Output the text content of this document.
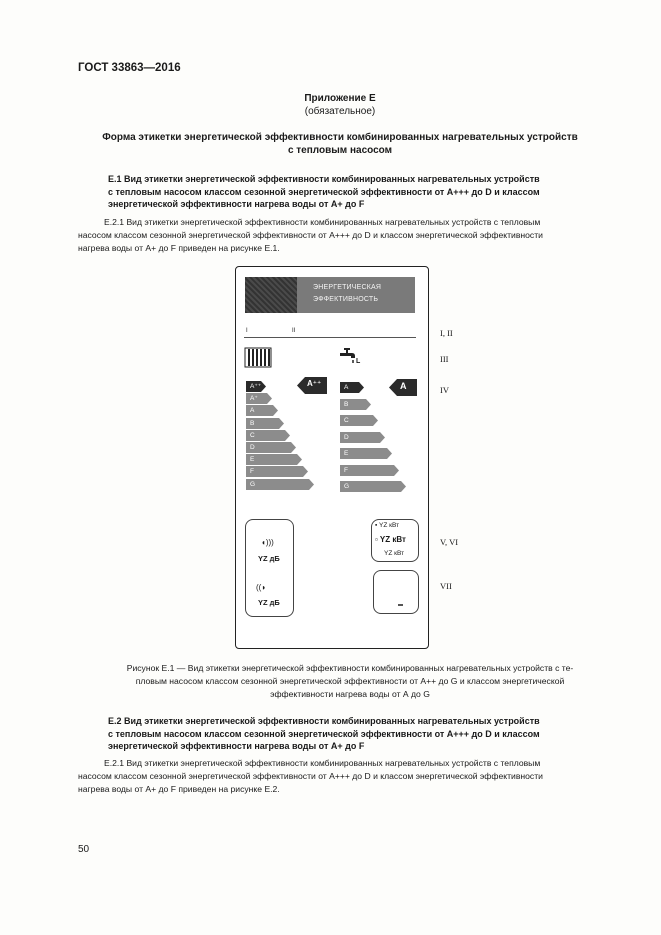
ГОСТ 33863—2016
Приложение Е
(обязательное)
Форма этикетки энергетической эффективности комбинированных нагревательных устройств
с тепловым насосом
Е.1 Вид этикетки энергетической эффективности комбинированных нагревательных устройств
с тепловым насосом классом сезонной энергетической эффективности от А+++ до D и классом
энергетической эффективности нагрева воды от А+ до F
Е.2.1 Вид этикетки энергетической эффективности комбинированных нагревательных устройств с тепловым
насосом классом сезонной энергетической эффективности от А+++ до D и классом энергетической эффективности
нагрева воды от А+ до F приведен на рисунке Е.1.
ЭНЕРГЕТИЧЕСКАЯ
ЭФФЕКТИВНОСТЬ
I	II
L
A⁺⁺
A⁺
A
B
C
D
E
F
G
A
B
C
D
E
F
G
A⁺⁺	A
◖)))
YZ дБ
((◗
YZ дБ
▪ YZ кВт
▫ YZ кВт
YZ кВт
I, II
III
IV
V, VI
VII
Рисунок Е.1 — Вид этикетки энергетической эффективности комбинированных нагревательных устройств с те-
пловым насосом классом сезонной энергетической эффективности от А++ до G и классом энергетической
эффективности нагрева воды от А до G
Е.2 Вид этикетки энергетической эффективности комбинированных нагревательных устройств
с тепловым насосом классом сезонной энергетической эффективности от А+++ до D и классом
энергетической эффективности нагрева воды от А+ до F
Е.2.1 Вид этикетки энергетической эффективности комбинированных нагревательных устройств с тепловым
насосом классом сезонной энергетической эффективности от А+++ до D и классом энергетической эффективности
нагрева воды от А+ до F приведен на рисунке Е.2.
50
